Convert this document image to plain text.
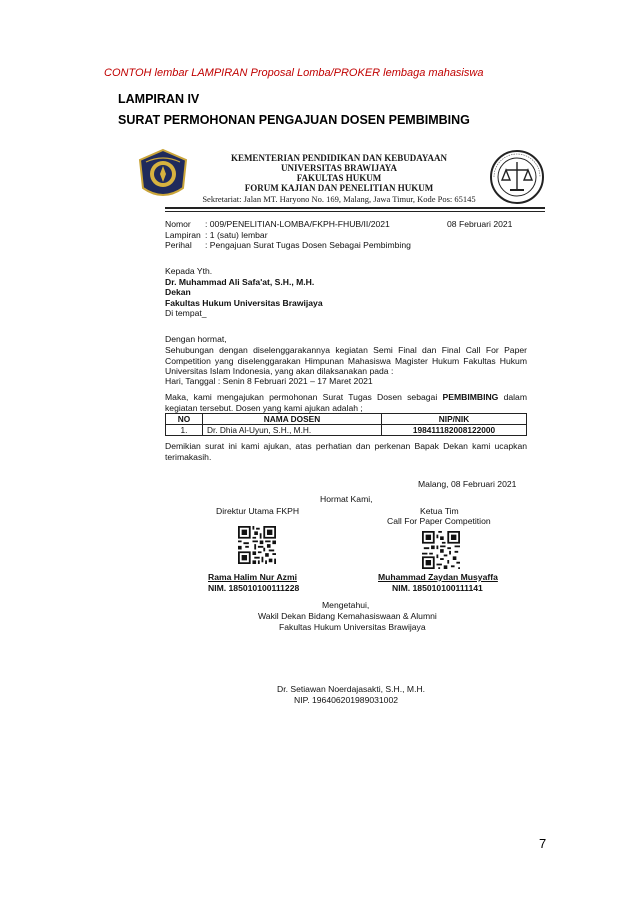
CONTOH lembar LAMPIRAN Proposal Lomba/PROKER lembaga mahasiswa
LAMPIRAN IV
SURAT PERMOHONAN PENGAJUAN DOSEN PEMBIMBING
KEMENTERIAN PENDIDIKAN DAN KEBUDAYAAN
UNIVERSITAS BRAWIJAYA
FAKULTAS HUKUM
FORUM KAJIAN DAN PENELITIAN HUKUM
Sekretariat: Jalan MT. Haryono No. 169, Malang, Jawa Timur, Kode Pos: 65145
Nomor	: 009/PENELITIAN-LOMBA/FKPH-FHUB/II/2021
Lampiran : 1 (satu) lembar
Perihal	: Pengajuan Surat Tugas Dosen Sebagai Pembimbing
08 Februari 2021
Kepada Yth.
Dr. Muhammad Ali Safa'at, S.H., M.H.
Dekan
Fakultas Hukum Universitas Brawijaya
Di tempat_
Dengan hormat,
Sehubungan dengan diselenggarakannya kegiatan Semi Final dan Final Call For Paper Competition yang diselenggarakan Himpunan Mahasiswa Magister Hukum Fakultas Hukum Universitas Islam Indonesia, yang akan dilaksanakan pada :
Hari, Tanggal : Senin 8 Februari 2021 – 17 Maret 2021
Maka, kami mengajukan permohonan Surat Tugas Dosen sebagai PEMBIMBING dalam kegiatan tersebut. Dosen yang kami ajukan adalah ;
NO	NAMA DOSEN	NIP/NIK
1.	Dr. Dhia Al-Uyun, S.H., M.H.	198411182008122000
Demikian surat ini kami ajukan, atas perhatian dan perkenan Bapak Dekan kami ucapkan terimakasih.
Malang, 08 Februari 2021
Hormat Kami,
Direktur Utama FKPH	Ketua Tim
Call For Paper Competition
Rama Halim Nur Azmi
NIM. 185010100111228
Muhammad Zaydan Musyaffa
NIM. 185010100111141
Mengetahui,
Wakil Dekan Bidang Kemahasiswaan & Alumni
Fakultas Hukum Universitas Brawijaya
Dr. Setiawan Noerdajasakti, S.H., M.H.
NIP. 196406201989031002
7
